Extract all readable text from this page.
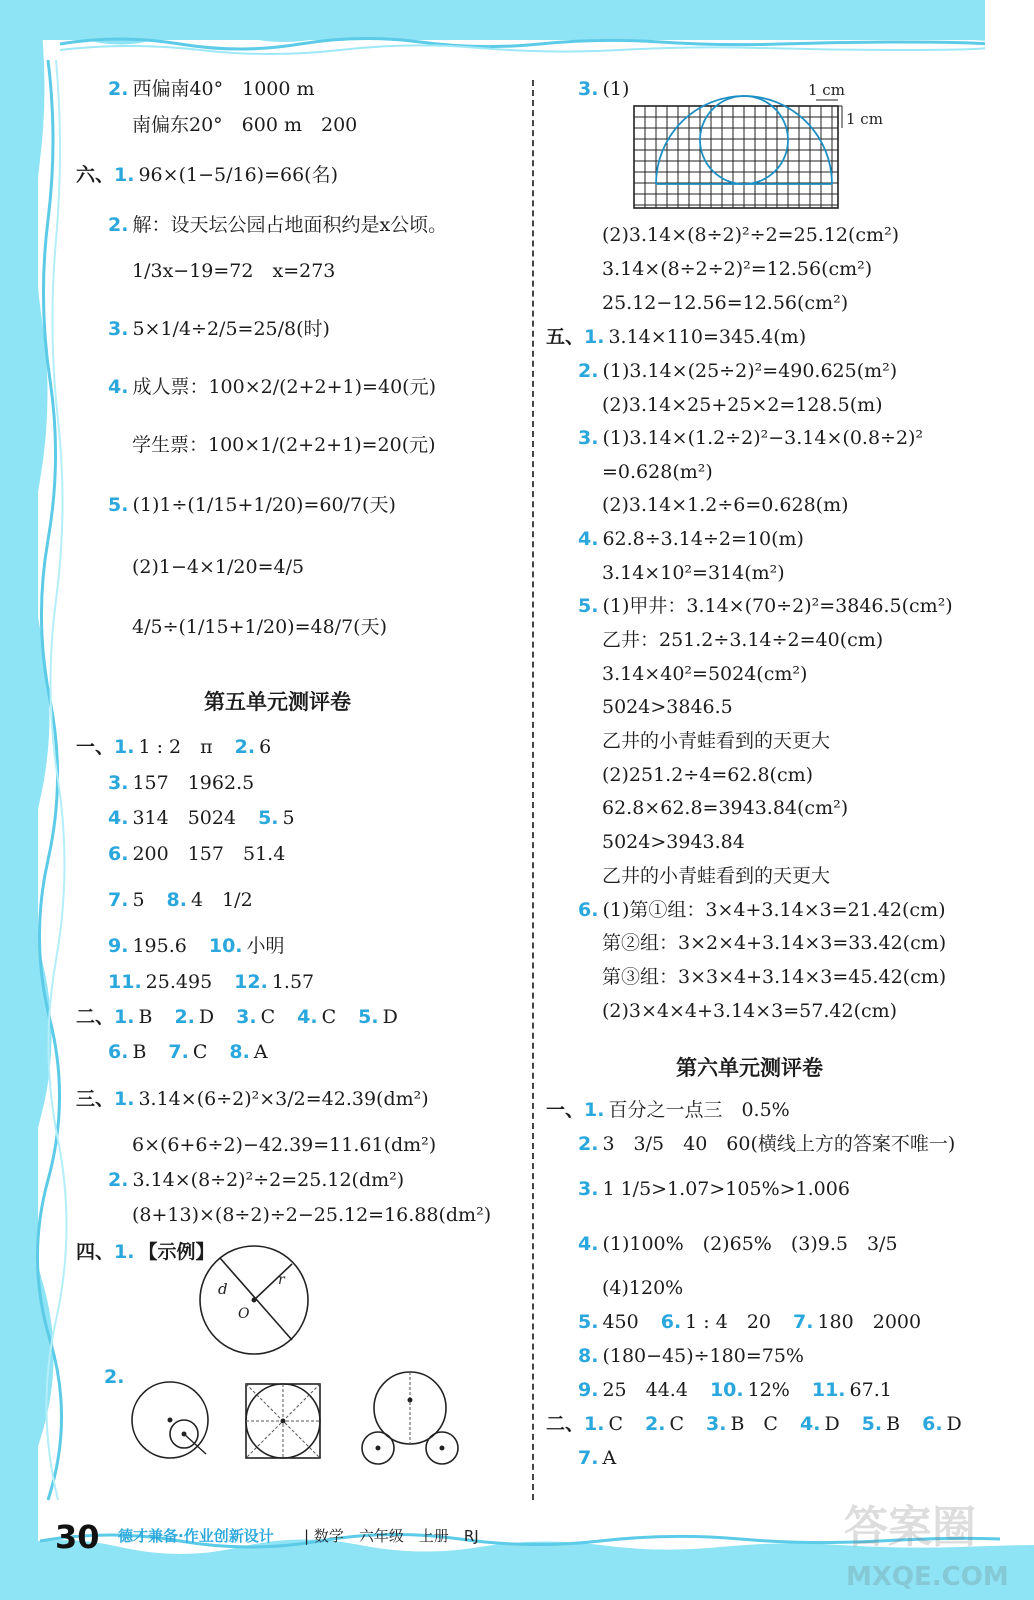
2. 西偏南40°　1000 m
南偏东20°　600 m　200
六、1. 96×(1−5/16)=66(名)
2. 解：设天坛公园占地面积约是x公顷。
1/3x−19=72　x=273
3. 5×1/4÷2/5=25/8(时)
4. 成人票：100×2/(2+2+1)=40(元)
学生票：100×1/(2+2+1)=20(元)
5. (1)1÷(1/15+1/20)=60/7(天)
(2)1−4×1/20=4/5
4/5÷(1/15+1/20)=48/7(天)
第五单元测评卷
一、1. 1 : 2　π 2. 6
3. 157　1962.5
4. 314　5024 5. 5
6. 200　157　51.4
7. 5 8. 4　1/2
9. 195.6 10. 小明
11. 25.495 12. 1.57
二、1. B 2. D 3. C 4. C 5. D
6. B 7. C 8. A
三、1. 3.14×(6÷2)²×3/2=42.39(dm²)
6×(6+6÷2)−42.39=11.61(dm²)
2. 3.14×(8÷2)²÷2=25.12(dm²)
(8+13)×(8÷2)÷2−25.12=16.88(dm²)
四、1. 【示例】
d	r
O
2.
3. (1)	1 cm
1 cm
(2)3.14×(8÷2)²÷2=25.12(cm²)
3.14×(8÷2÷2)²=12.56(cm²)
25.12−12.56=12.56(cm²)
五、1. 3.14×110=345.4(m)
2. (1)3.14×(25÷2)²=490.625(m²)
(2)3.14×25+25×2=128.5(m)
3. (1)3.14×(1.2÷2)²−3.14×(0.8÷2)²
=0.628(m²)
(2)3.14×1.2÷6=0.628(m)
4. 62.8÷3.14÷2=10(m)
3.14×10²=314(m²)
5. (1)甲井：3.14×(70÷2)²=3846.5(cm²)
乙井：251.2÷3.14÷2=40(cm)
3.14×40²=5024(cm²)
5024>3846.5
乙井的小青蛙看到的天更大
(2)251.2÷4=62.8(cm)
62.8×62.8=3943.84(cm²)
5024>3943.84
乙井的小青蛙看到的天更大
6. (1)第①组：3×4+3.14×3=21.42(cm)
第②组：3×2×4+3.14×3=33.42(cm)
第③组：3×3×4+3.14×3=45.42(cm)
(2)3×4×4+3.14×3=57.42(cm)
第六单元测评卷
一、1. 百分之一点三　0.5%
2. 3　3/5　40　60(横线上方的答案不唯一)
3. 1 1/5>1.07>105%>1.006
4. (1)100%　(2)65%　(3)9.5　3/5
(4)120%
5. 450 6. 1 : 4　20 7. 180　2000
8. (180−45)÷180=75%
9. 25　44.4 10. 12% 11. 67.1
二、1. C 2. C 3. B　C 4. D 5. B 6. D
7. A
30 德才兼备·作业创新设计 | 数学　六年级　上册　RJ	答案圈
MXQE.COM
